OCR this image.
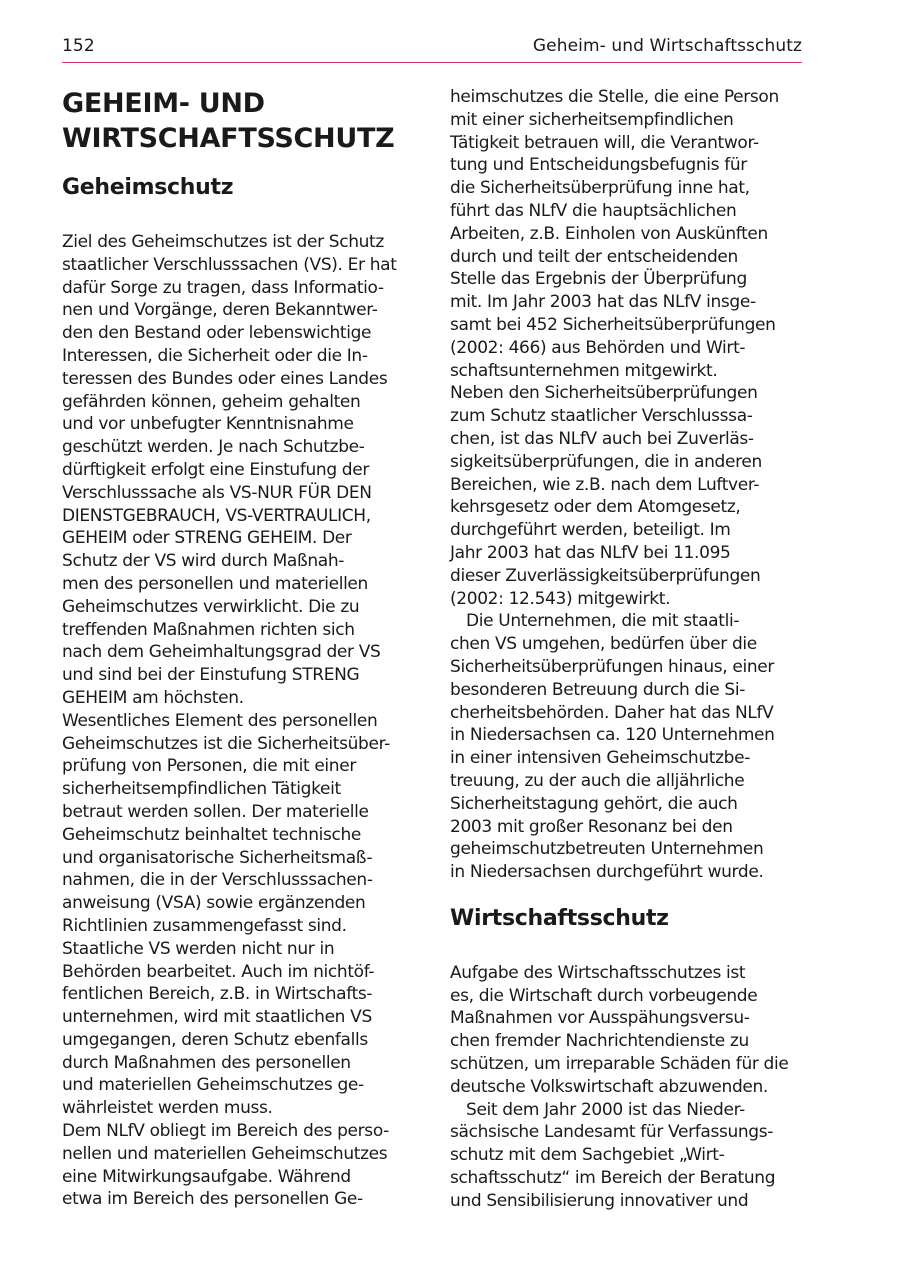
152	Geheim- und Wirtschaftsschutz
GEHEIM- UND
WIRTSCHAFTSSCHUTZ
Geheimschutz
Ziel des Geheimschutzes ist der Schutz
staatlicher Verschlusssachen (VS). Er hat
dafür Sorge zu tragen, dass Informatio-
nen und Vorgänge, deren Bekanntwer-
den den Bestand oder lebenswichtige
Interessen, die Sicherheit oder die In-
teressen des Bundes oder eines Landes
gefährden können, geheim gehalten
und vor unbefugter Kenntnisnahme
geschützt werden. Je nach Schutzbe-
dürftigkeit erfolgt eine Einstufung der
Verschlusssache als VS-NUR FÜR DEN
DIENSTGEBRAUCH, VS-VERTRAULICH,
GEHEIM oder STRENG GEHEIM. Der
Schutz der VS wird durch Maßnah-
men des personellen und materiellen
Geheimschutzes verwirklicht. Die zu
treffenden Maßnahmen richten sich
nach dem Geheimhaltungsgrad der VS
und sind bei der Einstufung STRENG
GEHEIM am höchsten.
Wesentliches Element des personellen
Geheimschutzes ist die Sicherheitsüber-
prüfung von Personen, die mit einer
sicherheitsempfindlichen Tätigkeit
betraut werden sollen. Der materielle
Geheimschutz beinhaltet technische
und organisatorische Sicherheitsmaß-
nahmen, die in der Verschlusssachen-
anweisung (VSA) sowie ergänzenden
Richtlinien zusammengefasst sind.
Staatliche VS werden nicht nur in
Behörden bearbeitet. Auch im nichtöf-
fentlichen Bereich, z.B. in Wirtschafts-
unternehmen, wird mit staatlichen VS
umgegangen, deren Schutz ebenfalls
durch Maßnahmen des personellen
und materiellen Geheimschutzes ge-
währleistet werden muss.
Dem NLfV obliegt im Bereich des perso-
nellen und materiellen Geheimschutzes
eine Mitwirkungsaufgabe. Während
etwa im Bereich des personellen Ge-
heimschutzes die Stelle, die eine Person
mit einer sicherheitsempfindlichen
Tätigkeit betrauen will, die Verantwor-
tung und Entscheidungsbefugnis für
die Sicherheitsüberprüfung inne hat,
führt das NLfV die hauptsächlichen
Arbeiten, z.B. Einholen von Auskünften
durch und teilt der entscheidenden
Stelle das Ergebnis der Überprüfung
mit. Im Jahr 2003 hat das NLfV insge-
samt bei 452 Sicherheitsüberprüfungen
(2002: 466) aus Behörden und Wirt-
schaftsunternehmen mitgewirkt.
Neben den Sicherheitsüberprüfungen
zum Schutz staatlicher Verschlusssa-
chen, ist das NLfV auch bei Zuverläs-
sigkeitsüberprüfungen, die in anderen
Bereichen, wie z.B. nach dem Luftver-
kehrsgesetz oder dem Atomgesetz,
durchgeführt werden, beteiligt. Im
Jahr 2003 hat das NLfV bei 11.095
dieser Zuverlässigkeitsüberprüfungen
(2002: 12.543) mitgewirkt.
Die Unternehmen, die mit staatli-
chen VS umgehen, bedürfen über die
Sicherheitsüberprüfungen hinaus, einer
besonderen Betreuung durch die Si-
cherheitsbehörden. Daher hat das NLfV
in Niedersachsen ca. 120 Unternehmen
in einer intensiven Geheimschutzbe-
treuung, zu der auch die alljährliche
Sicherheitstagung gehört, die auch
2003 mit großer Resonanz bei den
geheimschutzbetreuten Unternehmen
in Niedersachsen durchgeführt wurde.
Wirtschaftsschutz
Aufgabe des Wirtschaftsschutzes ist
es, die Wirtschaft durch vorbeugende
Maßnahmen vor Ausspähungsversu-
chen fremder Nachrichtendienste zu
schützen, um irreparable Schäden für die
deutsche Volkswirtschaft abzuwenden.
Seit dem Jahr 2000 ist das Nieder-
sächsische Landesamt für Verfassungs-
schutz mit dem Sachgebiet „Wirt-
schaftsschutz“ im Bereich der Beratung
und Sensibilisierung innovativer und
